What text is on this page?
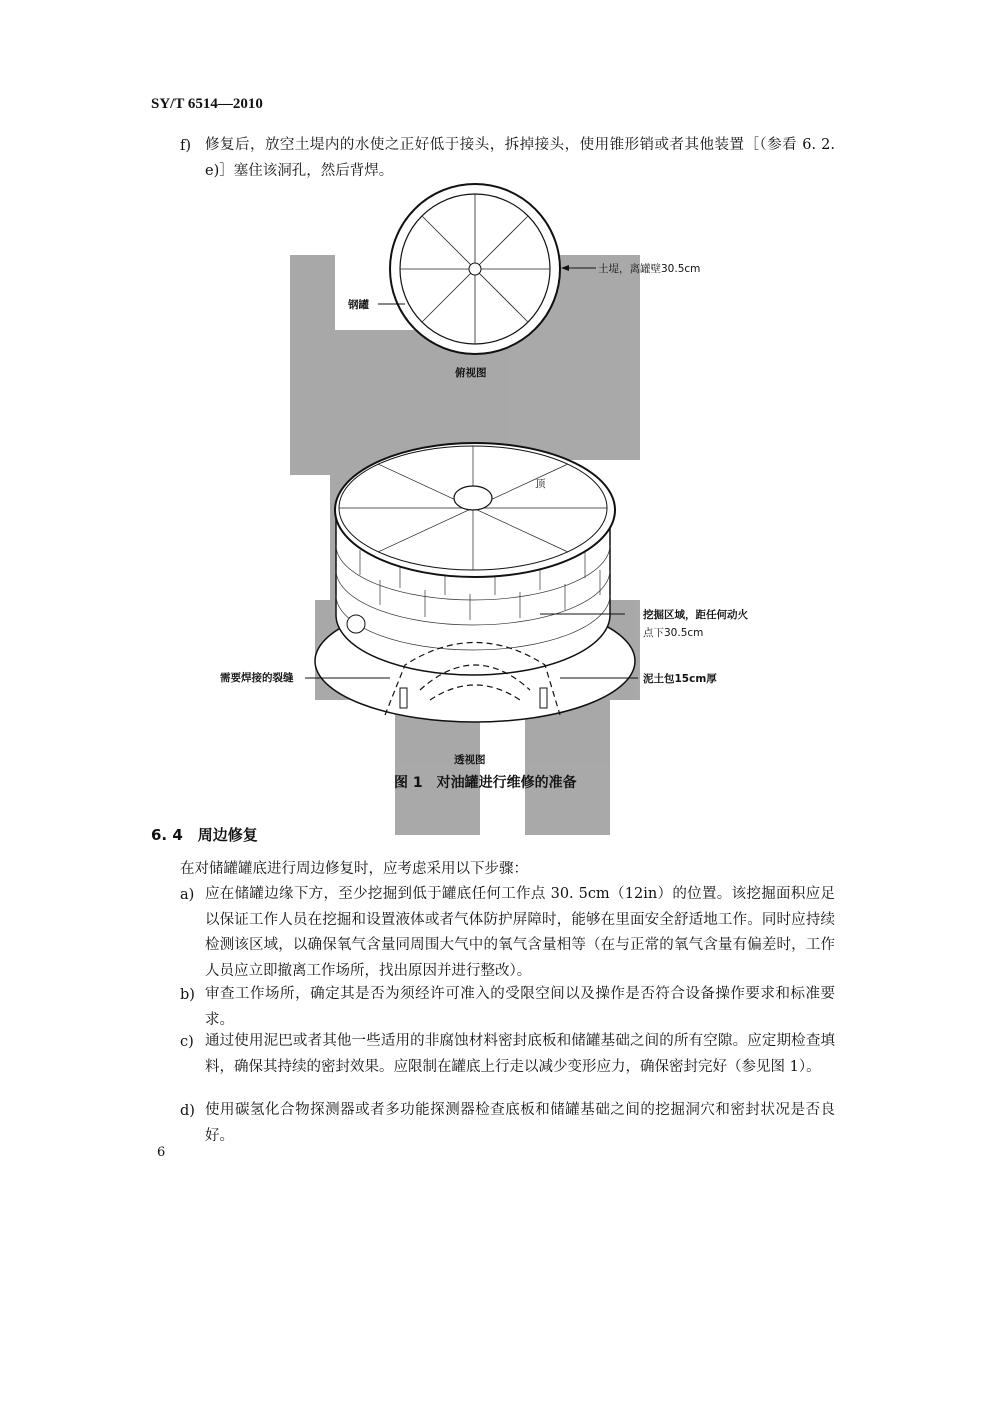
SY/T 6514—2010
f) 修复后，放空土堤内的水使之正好低于接头，拆掉接头，使用锥形销或者其他装置［（参看 6. 2. e)］塞住该洞孔，然后背焊。
土堤，离罐壁30.5cm
钢罐
俯视图
顶
挖掘区域，距任何动火
点下30.5cm
需要焊接的裂缝	泥土包15cm厚
透视图
图 1　对油罐进行维修的准备
6. 4　周边修复
在对储罐罐底进行周边修复时，应考虑采用以下步骤：
a) 应在储罐边缘下方，至少挖掘到低于罐底任何工作点 30. 5cm（12in）的位置。该挖掘面积应足以保证工作人员在挖掘和设置液体或者气体防护屏障时，能够在里面安全舒适地工作。同时应持续检测该区域，以确保氧气含量同周围大气中的氧气含量相等（在与正常的氧气含量有偏差时，工作人员应立即撤离工作场所，找出原因并进行整改）。
b) 审查工作场所，确定其是否为须经许可准入的受限空间以及操作是否符合设备操作要求和标准要求。
c) 通过使用泥巴或者其他一些适用的非腐蚀材料密封底板和储罐基础之间的所有空隙。应定期检查填料，确保其持续的密封效果。应限制在罐底上行走以减少变形应力，确保密封完好（参见图 1）。
d) 使用碳氢化合物探测器或者多功能探测器检查底板和储罐基础之间的挖掘洞穴和密封状况是否良好。
6
